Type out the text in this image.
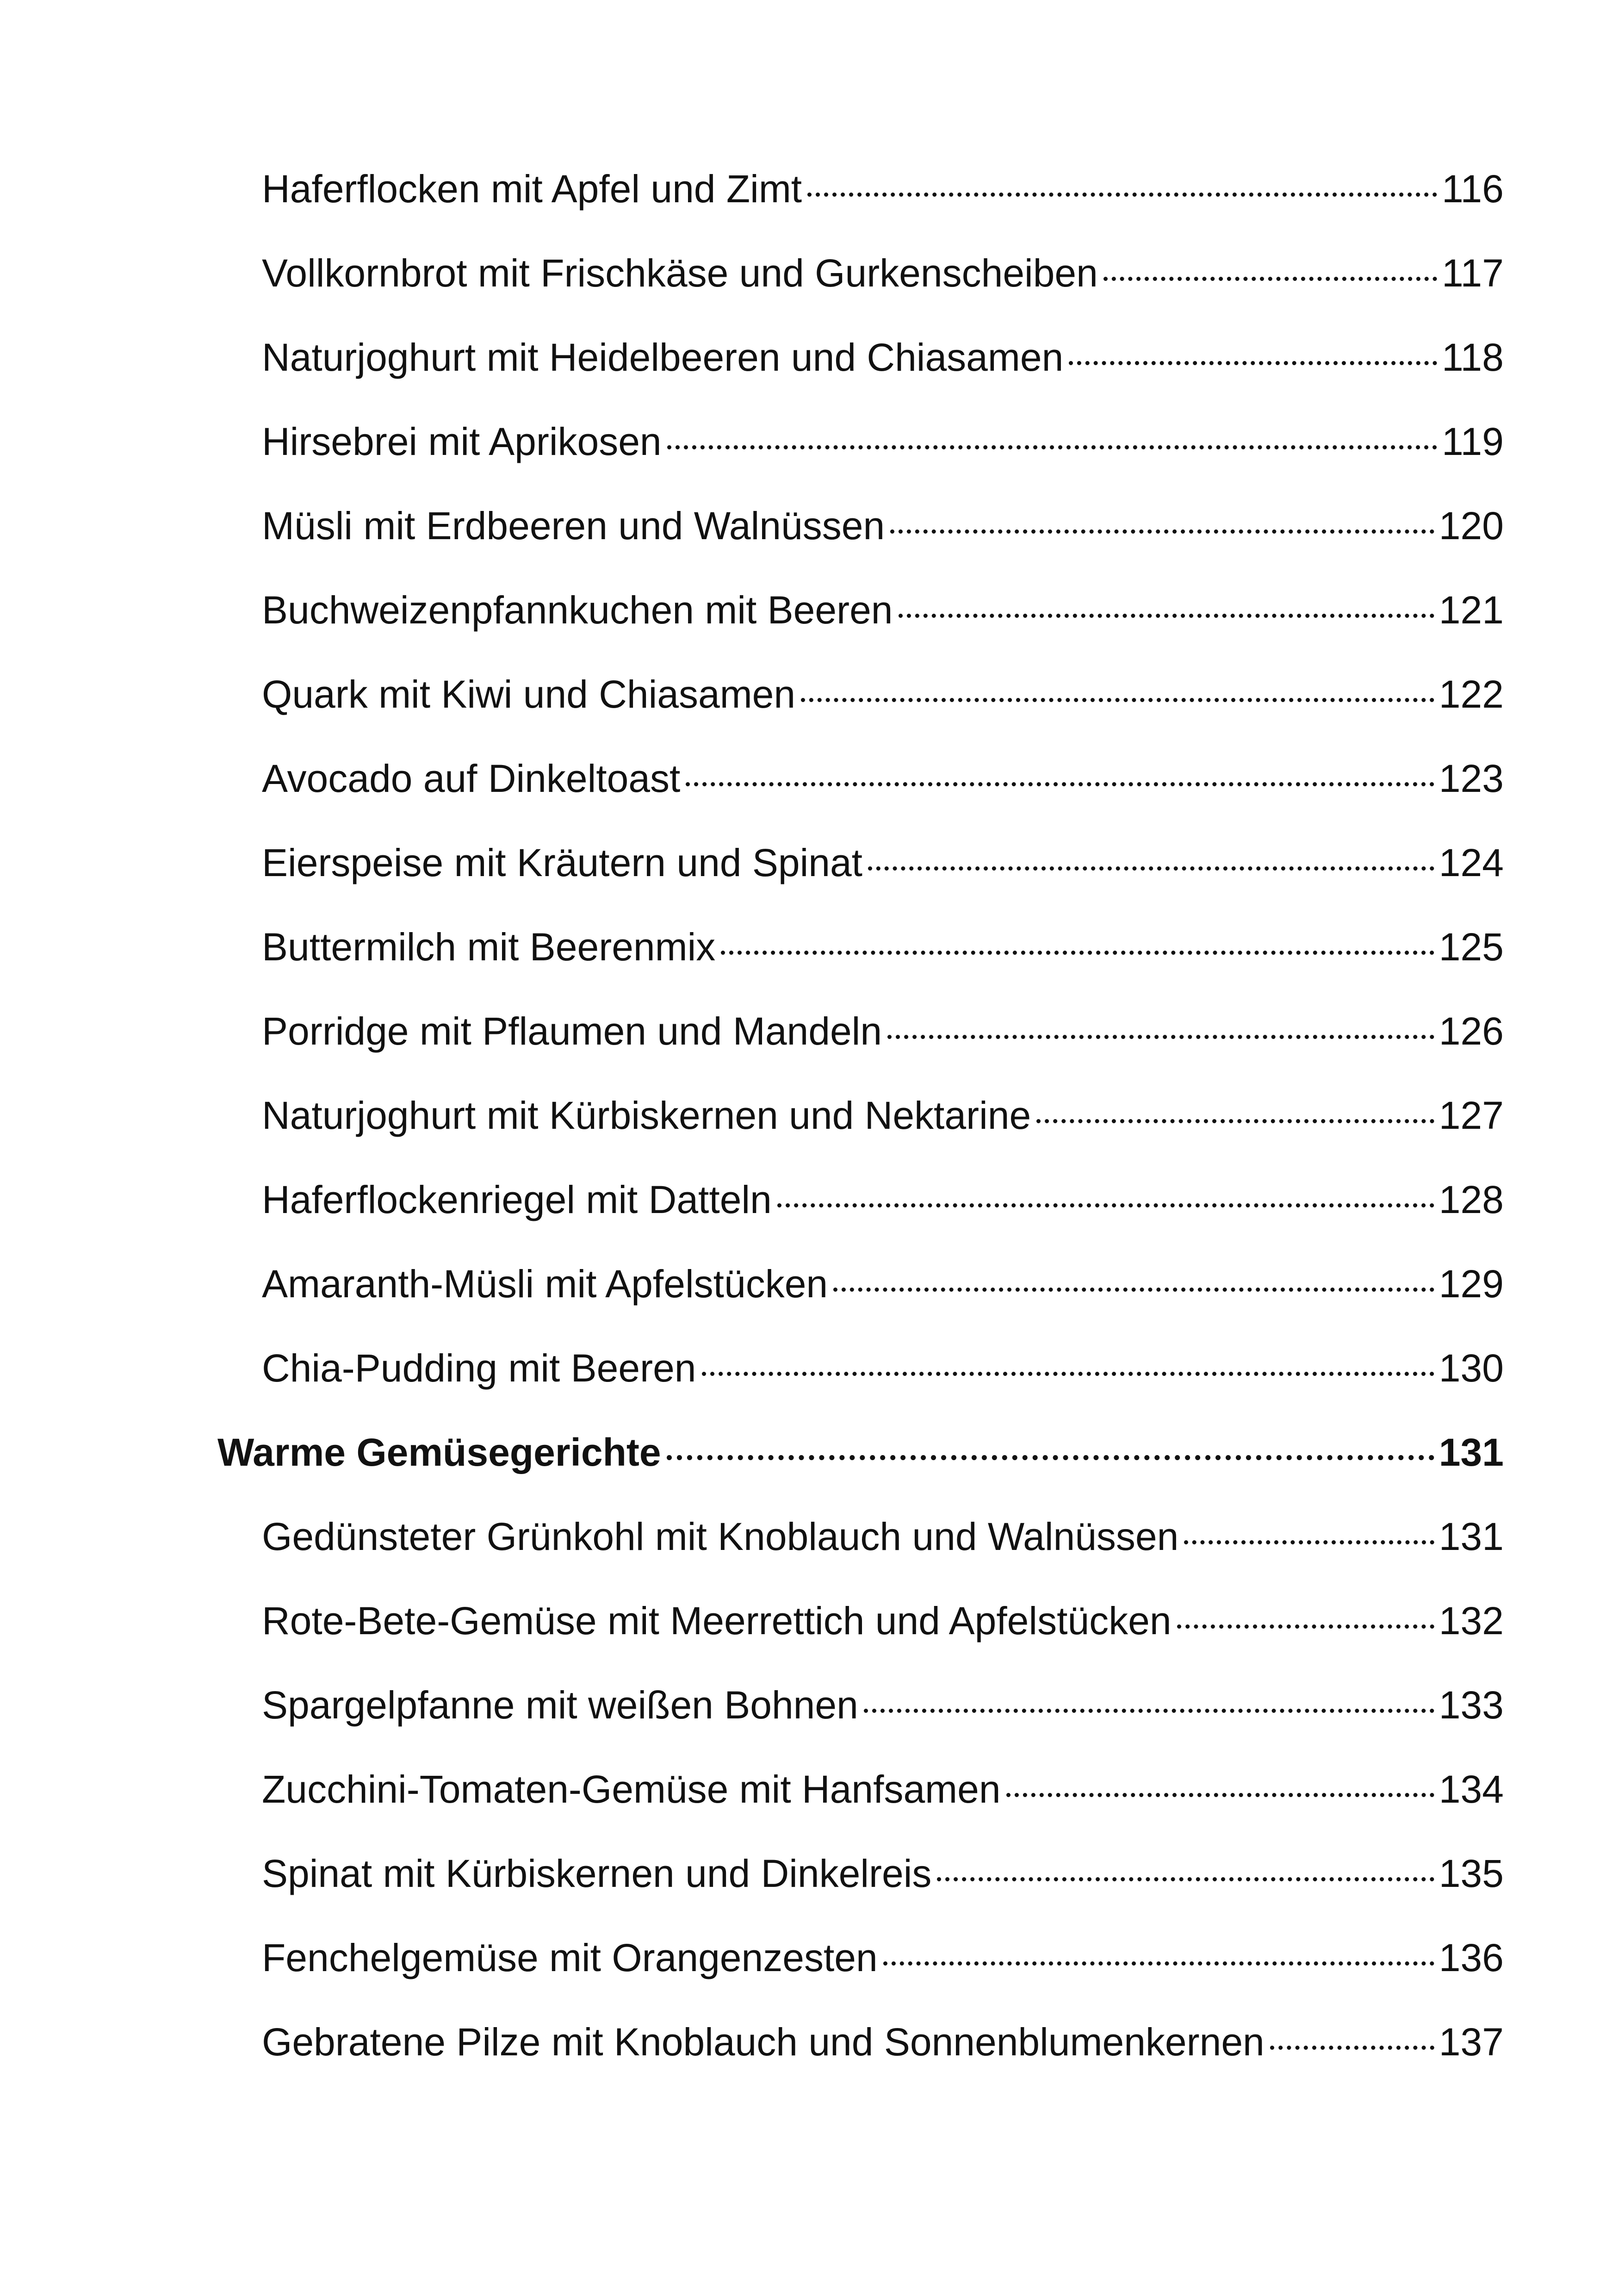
Haferflocken mit Apfel und Zimt	116
Vollkornbrot mit Frischkäse und Gurkenscheiben	117
Naturjoghurt mit Heidelbeeren und Chiasamen	118
Hirsebrei mit Aprikosen	119
Müsli mit Erdbeeren und Walnüssen	120
Buchweizenpfannkuchen mit Beeren	121
Quark mit Kiwi und Chiasamen	122
Avocado auf Dinkeltoast	123
Eierspeise mit Kräutern und Spinat	124
Buttermilch mit Beerenmix	125
Porridge mit Pflaumen und Mandeln	126
Naturjoghurt mit Kürbiskernen und Nektarine	127
Haferflockenriegel mit Datteln	128
Amaranth-Müsli mit Apfelstücken	129
Chia-Pudding mit Beeren	130
Warme Gemüsegerichte	131
Gedünsteter Grünkohl mit Knoblauch und Walnüssen	131
Rote-Bete-Gemüse mit Meerrettich und Apfelstücken	132
Spargelpfanne mit weißen Bohnen	133
Zucchini-Tomaten-Gemüse mit Hanfsamen	134
Spinat mit Kürbiskernen und Dinkelreis	135
Fenchelgemüse mit Orangenzesten	136
Gebratene Pilze mit Knoblauch und Sonnenblumenkernen	137
